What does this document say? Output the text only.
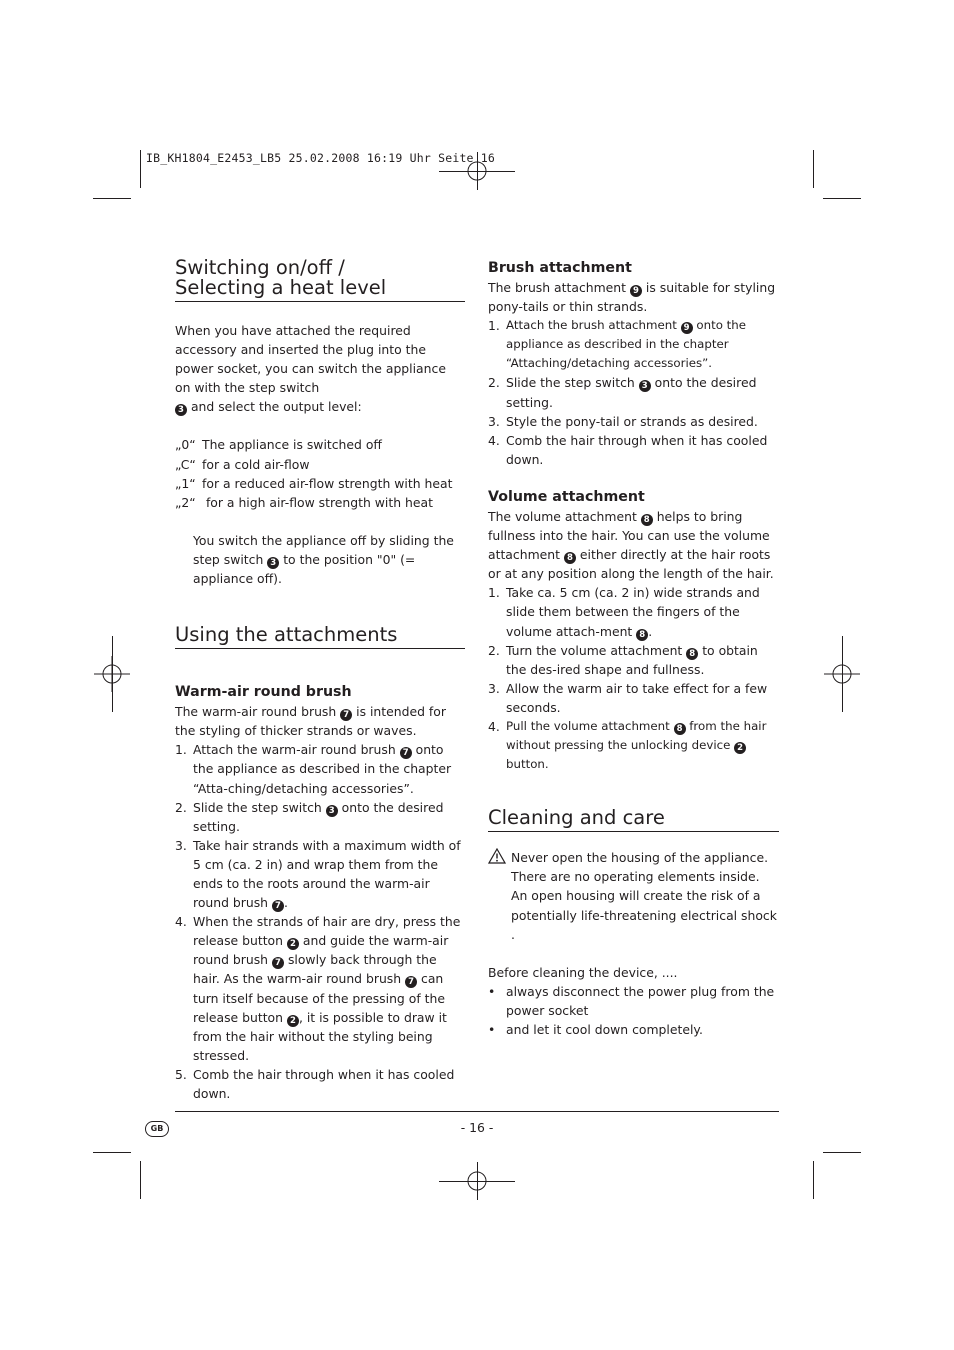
IB_KH1804_E2453_LB5 25.02.2008 16:19 Uhr Seite 16
Switching on/off /
Selecting a heat level

When you have attached the required accessory and inserted the plug into the power socket, you can switch the appliance on with the step switch
3 and select the output level:

„0“ The appliance is switched off
„C“ for a cold air-flow
„1“ for a reduced air-flow strength with heat
„2“ for a high air-flow strength with heat

You switch the appliance off by sliding the step switch 3 to the position "0" (= appliance off).

Using the attachments
Warm-air round brush

The warm-air round brush 7 is intended for the styling of thicker strands or waves.

1. Attach the warm-air round brush 7 onto the appliance as described in the chapter “Atta-ching/detaching accessories”.
2. Slide the step switch 3 onto the desired setting.
3. Take hair strands with a maximum width of 5 cm (ca. 2 in) and wrap them from the ends to the roots around the warm-air round brush 7 .
4. When the strands of hair are dry, press the release button 2 and guide the warm-air round brush 7 slowly back through the hair. As the warm-air round brush 7 can turn itself because of the pressing of the release button 2 , it is possible to draw it from the hair without the styling being stressed.
5. Comb the hair through when it has cooled down.
Brush attachment

The brush attachment 9 is suitable for styling pony-tails or thin strands.

1. Attach the brush attachment 9 onto the appliance as described in the chapter “Attaching/detaching accessories”.
2. Slide the step switch 3 onto the desired setting.
3. Style the pony-tail or strands as desired.
4. Comb the hair through when it has cooled down.
Volume attachment

The volume attachment 8 helps to bring fullness into the hair. You can use the volume attachment 8 either directly at the hair roots or at any position along the length of the hair.

1. Take ca. 5 cm (ca. 2 in) wide strands and slide them between the fingers of the volume attach-ment 8 .
2. Turn the volume attachment 8 to obtain the des-ired shape and fullness.
3. Allow the warm air to take effect for a few seconds.
4. Pull the volume attachment 8 from the hair without pressing the unlocking device 2 button.
Cleaning and care
Never open the housing of the appliance. There are no operating elements inside. An open housing will create the risk of a potentially life-threatening electrical shock .

Before cleaning the device, ....

• always disconnect the power plug from the power socket
• and let it cool down completely.
GB	- 16 -
